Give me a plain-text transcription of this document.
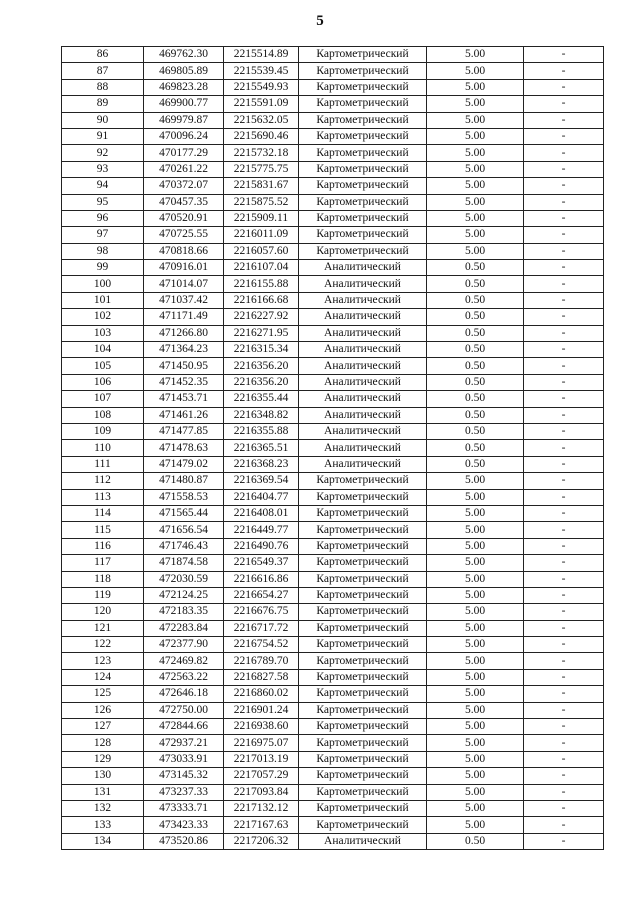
5
86	469762.30	2215514.89	Картометрический	5.00	-
87	469805.89	2215539.45	Картометрический	5.00	-
88	469823.28	2215549.93	Картометрический	5.00	-
89	469900.77	2215591.09	Картометрический	5.00	-
90	469979.87	2215632.05	Картометрический	5.00	-
91	470096.24	2215690.46	Картометрический	5.00	-
92	470177.29	2215732.18	Картометрический	5.00	-
93	470261.22	2215775.75	Картометрический	5.00	-
94	470372.07	2215831.67	Картометрический	5.00	-
95	470457.35	2215875.52	Картометрический	5.00	-
96	470520.91	2215909.11	Картометрический	5.00	-
97	470725.55	2216011.09	Картометрический	5.00	-
98	470818.66	2216057.60	Картометрический	5.00	-
99	470916.01	2216107.04	Аналитический	0.50	-
100	471014.07	2216155.88	Аналитический	0.50	-
101	471037.42	2216166.68	Аналитический	0.50	-
102	471171.49	2216227.92	Аналитический	0.50	-
103	471266.80	2216271.95	Аналитический	0.50	-
104	471364.23	2216315.34	Аналитический	0.50	-
105	471450.95	2216356.20	Аналитический	0.50	-
106	471452.35	2216356.20	Аналитический	0.50	-
107	471453.71	2216355.44	Аналитический	0.50	-
108	471461.26	2216348.82	Аналитический	0.50	-
109	471477.85	2216355.88	Аналитический	0.50	-
110	471478.63	2216365.51	Аналитический	0.50	-
111	471479.02	2216368.23	Аналитический	0.50	-
112	471480.87	2216369.54	Картометрический	5.00	-
113	471558.53	2216404.77	Картометрический	5.00	-
114	471565.44	2216408.01	Картометрический	5.00	-
115	471656.54	2216449.77	Картометрический	5.00	-
116	471746.43	2216490.76	Картометрический	5.00	-
117	471874.58	2216549.37	Картометрический	5.00	-
118	472030.59	2216616.86	Картометрический	5.00	-
119	472124.25	2216654.27	Картометрический	5.00	-
120	472183.35	2216676.75	Картометрический	5.00	-
121	472283.84	2216717.72	Картометрический	5.00	-
122	472377.90	2216754.52	Картометрический	5.00	-
123	472469.82	2216789.70	Картометрический	5.00	-
124	472563.22	2216827.58	Картометрический	5.00	-
125	472646.18	2216860.02	Картометрический	5.00	-
126	472750.00	2216901.24	Картометрический	5.00	-
127	472844.66	2216938.60	Картометрический	5.00	-
128	472937.21	2216975.07	Картометрический	5.00	-
129	473033.91	2217013.19	Картометрический	5.00	-
130	473145.32	2217057.29	Картометрический	5.00	-
131	473237.33	2217093.84	Картометрический	5.00	-
132	473333.71	2217132.12	Картометрический	5.00	-
133	473423.33	2217167.63	Картометрический	5.00	-
134	473520.86	2217206.32	Аналитический	0.50	-
